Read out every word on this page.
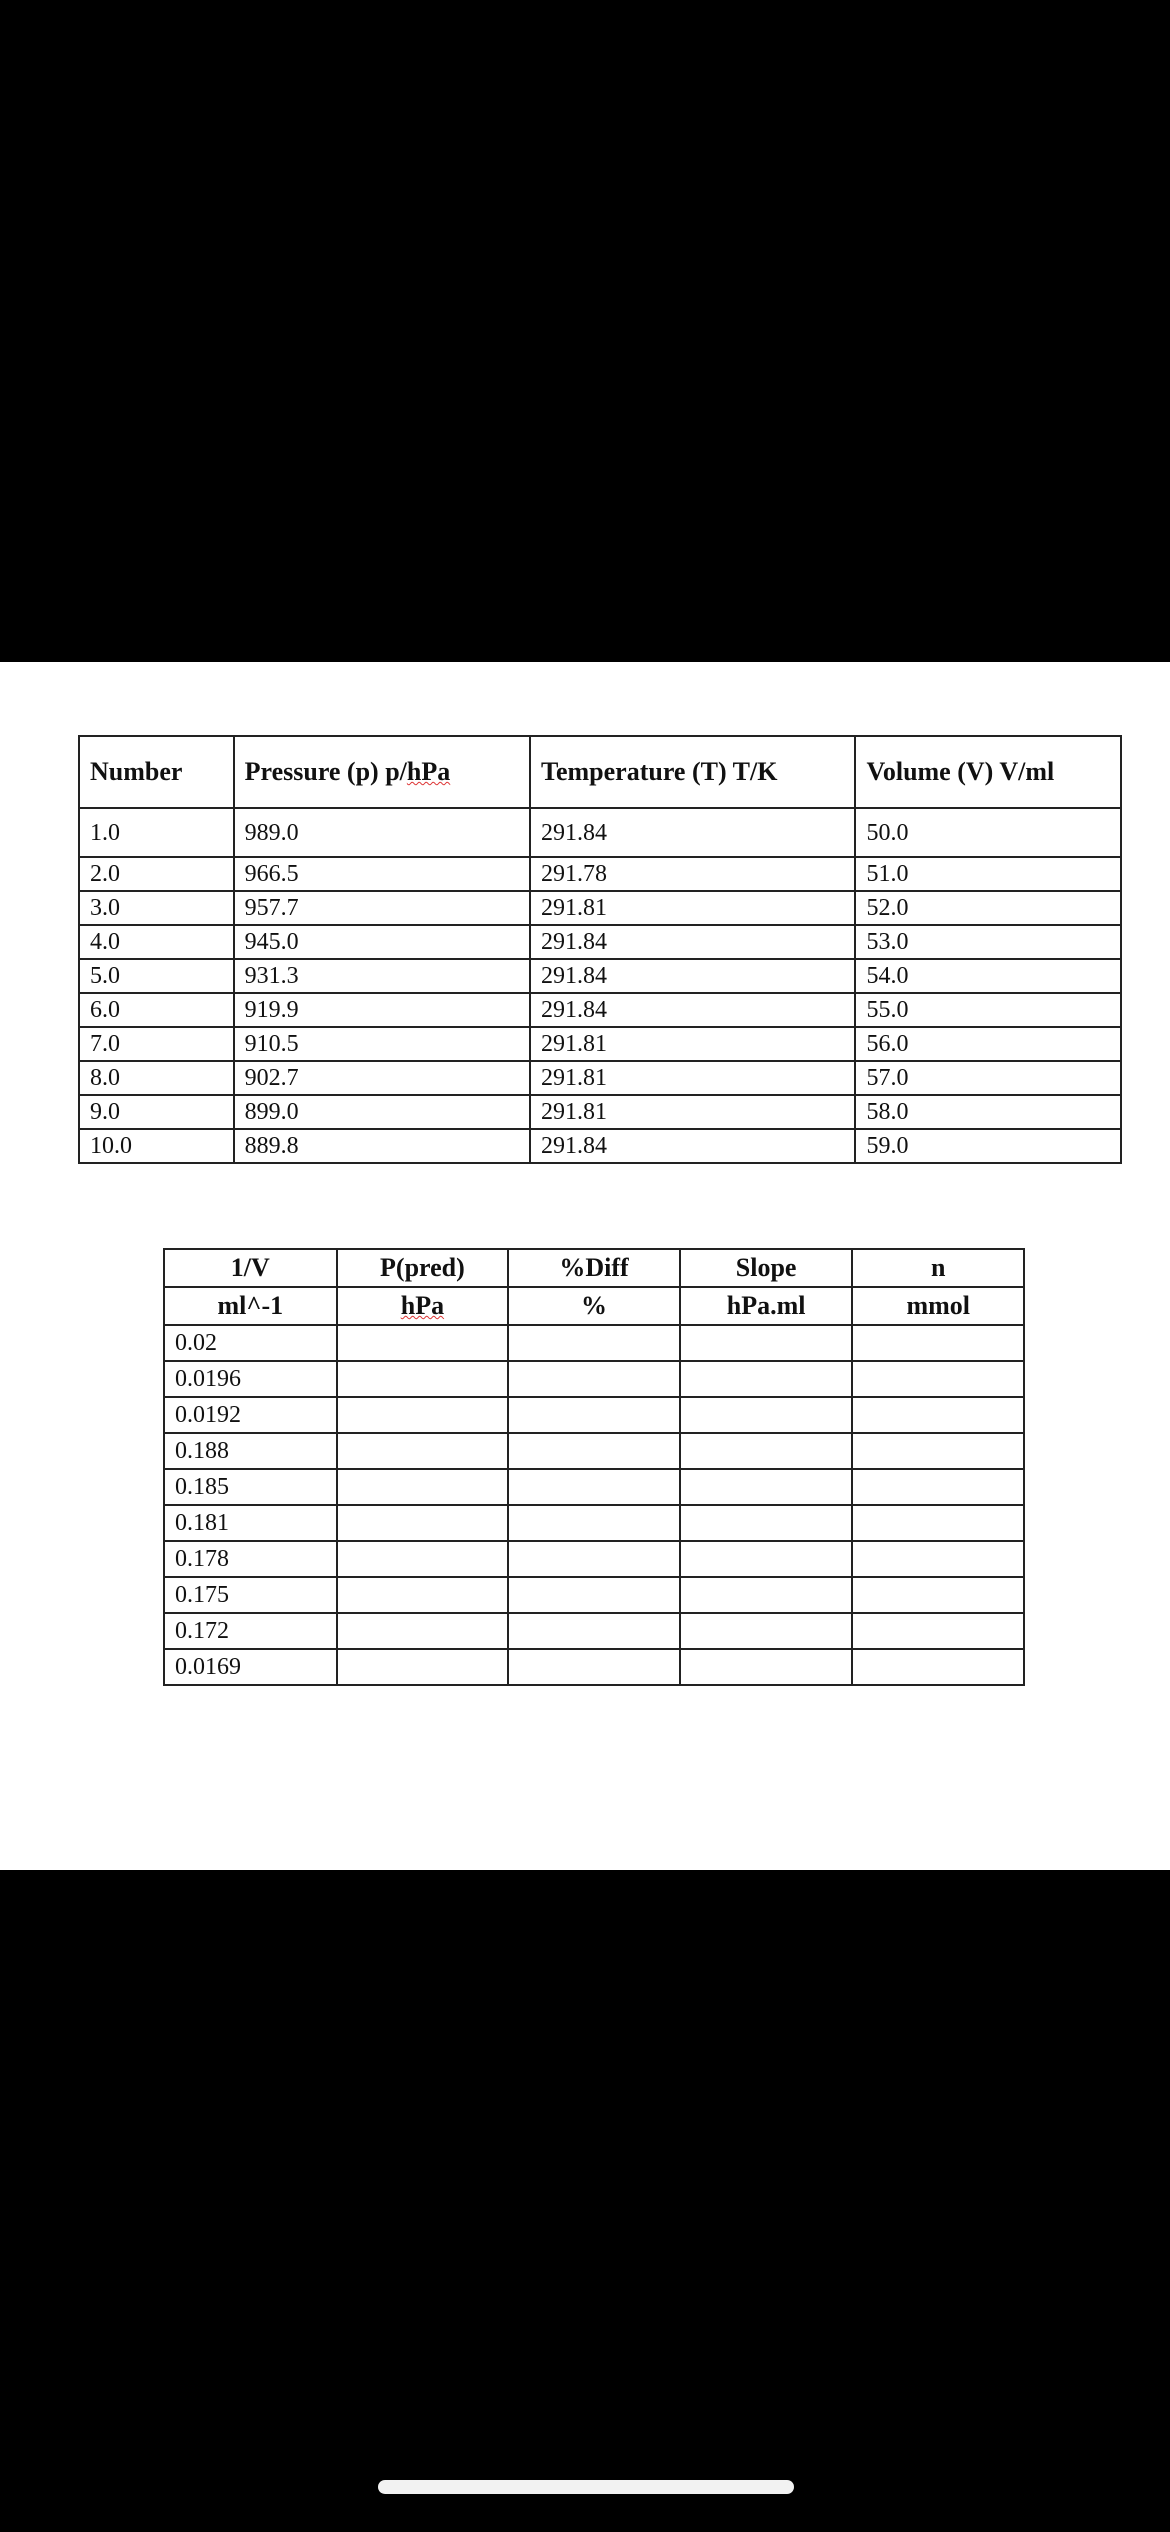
Number	Pressure (p) p/hPa	Temperature (T) T/K	Volume (V) V/ml
1.0	989.0	291.84	50.0
2.0	966.5	291.78	51.0
3.0	957.7	291.81	52.0
4.0	945.0	291.84	53.0
5.0	931.3	291.84	54.0
6.0	919.9	291.84	55.0
7.0	910.5	291.81	56.0
8.0	902.7	291.81	57.0
9.0	899.0	291.81	58.0
10.0	889.8	291.84	59.0
1/V	P(pred)	%Diff	Slope	n
ml^-1	hPa	%	hPa.ml	mmol
0.02				
0.0196				
0.0192				
0.188				
0.185				
0.181				
0.178				
0.175				
0.172				
0.0169				
